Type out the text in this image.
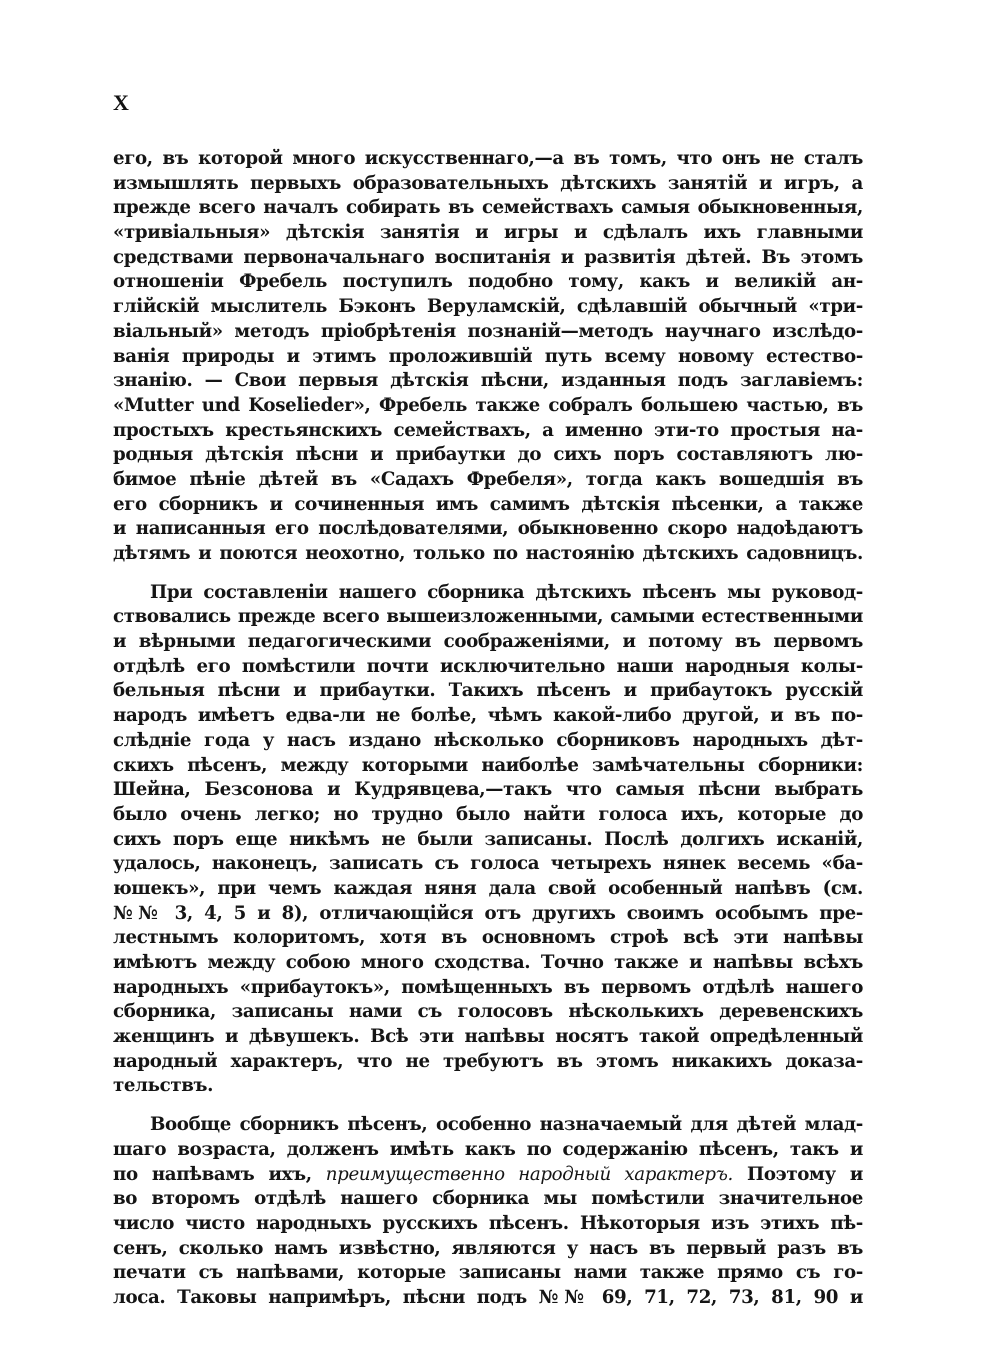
X
его, въ которой много искусственнаго,—а въ томъ, что онъ не сталъ
измышлять первыхъ образовательныхъ дѣтскихъ занятій и игръ, а
прежде всего началъ собирать въ семействахъ самыя обыкновенныя,
«тривіальныя» дѣтскія занятія и игры и сдѣлалъ ихъ главными
средствами первоначальнаго воспитанія и развитія дѣтей. Въ этомъ
отношеніи Фребель поступилъ подобно тому, какъ и великій ан-
глійскій мыслитель Бэконъ Веруламскій, сдѣлавшій обычный «три-
віальный» методъ пріобрѣтенія познаній—методъ научнаго изслѣдо-
ванія природы и этимъ проложившій путь всему новому естество-
знанію. — Свои первыя дѣтскія пѣсни, изданныя подъ заглавіемъ:
«Mutter und Koselieder», Фребель также собралъ большею частью, въ
простыхъ крестьянскихъ семействахъ, а именно эти-то простыя на-
родныя дѣтскія пѣсни и прибаутки до сихъ поръ составляютъ лю-
бимое пѣніе дѣтей въ «Садахъ Фребеля», тогда какъ вошедшія въ
его сборникъ и сочиненныя имъ самимъ дѣтскія пѣсенки, а также
и написанныя его послѣдователями, обыкновенно скоро надоѣдаютъ
дѣтямъ и поются неохотно, только по настоянію дѣтскихъ садовницъ.
При составленіи нашего сборника дѣтскихъ пѣсенъ мы руковод-
ствовались прежде всего вышеизложенными, самыми естественными
и вѣрными педагогическими соображеніями, и потому въ первомъ
отдѣлѣ его помѣстили почти исключительно наши народныя колы-
бельныя пѣсни и прибаутки. Такихъ пѣсенъ и прибаутокъ русскій
народъ имѣетъ едва-ли не болѣе, чѣмъ какой-либо другой, и въ по-
слѣдніе года у насъ издано нѣсколько сборниковъ народныхъ дѣт-
скихъ пѣсенъ, между которыми наиболѣе замѣчательны сборники:
Шейна, Безсонова и Кудрявцева,—такъ что самыя пѣсни выбрать
было очень легко; но трудно было найти голоса ихъ, которые до
сихъ поръ еще никѣмъ не были записаны. Послѣ долгихъ исканій,
удалось, наконецъ, записать съ голоса четырехъ нянек весемь «ба-
юшекъ», при чемъ каждая няня дала свой особенный напѣвъ (см.
№№ 3, 4, 5 и 8), отличающійся отъ другихъ своимъ особымъ пре-
лестнымъ колоритомъ, хотя въ основномъ строѣ всѣ эти напѣвы
имѣютъ между собою много сходства. Точно также и напѣвы всѣхъ
народныхъ «прибаутокъ», помѣщенныхъ въ первомъ отдѣлѣ нашего
сборника, записаны нами съ голосовъ нѣсколькихъ деревенскихъ
женщинъ и дѣвушекъ. Всѣ эти напѣвы носятъ такой опредѣленный
народный характеръ, что не требуютъ въ этомъ никакихъ доказа-
тельствъ.
Вообще сборникъ пѣсенъ, особенно назначаемый для дѣтей млад-
шаго возраста, долженъ имѣть какъ по содержанію пѣсенъ, такъ и
по напѣвамъ ихъ, преимущественно народный характеръ. Поэтому и
во второмъ отдѣлѣ нашего сборника мы помѣстили значительное
число чисто народныхъ русскихъ пѣсенъ. Нѣкоторыя изъ этихъ пѣ-
сенъ, сколько намъ извѣстно, являются у насъ въ первый разъ въ
печати съ напѣвами, которые записаны нами также прямо съ го-
лоса. Таковы напримѣръ, пѣсни подъ №№ 69, 71, 72, 73, 81, 90 и
